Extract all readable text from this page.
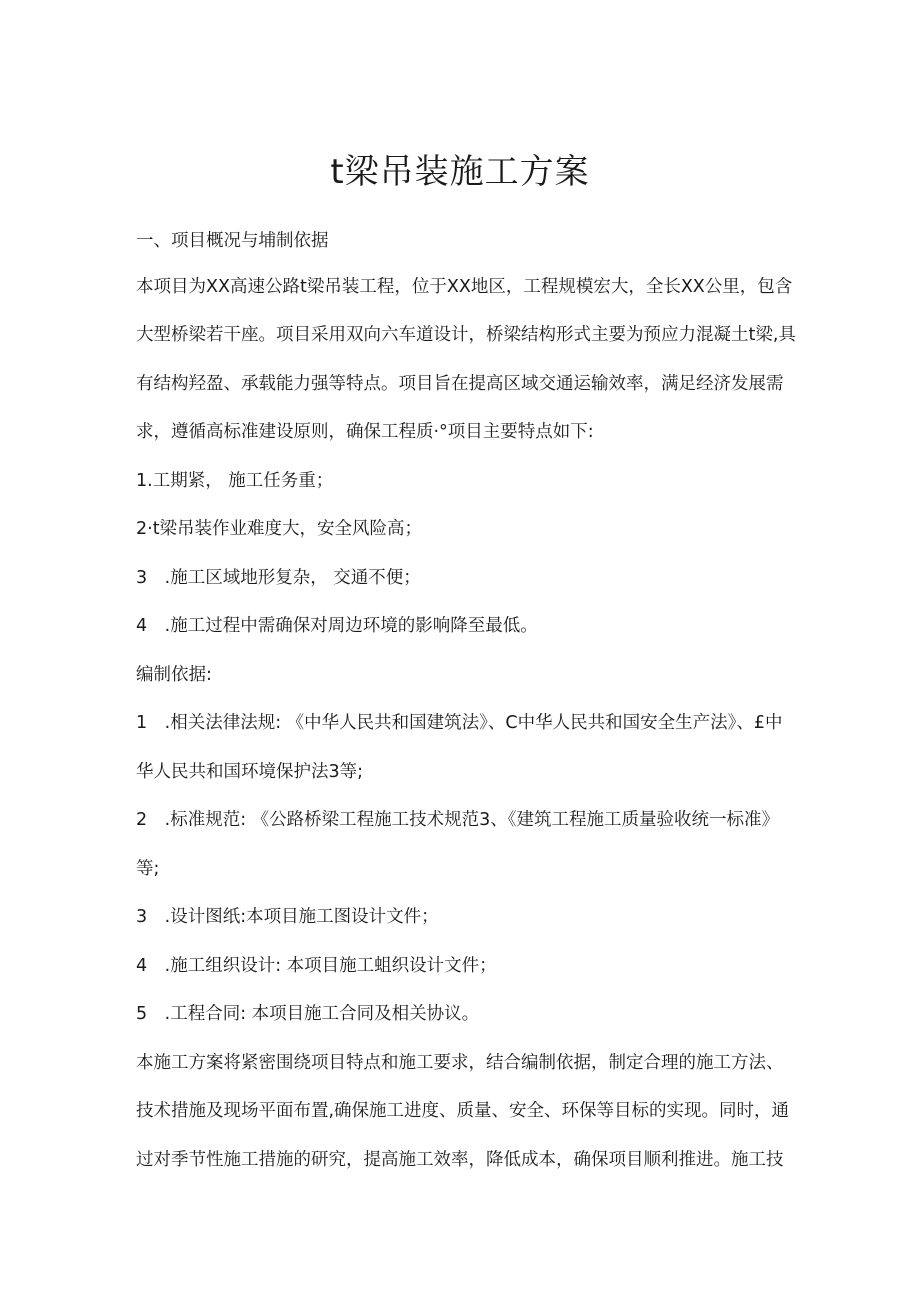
t梁吊装施工方案

一、项目概况与埔制依据

本项目为XX高速公路t梁吊装工程，位于XX地区，工程规模宏大，全长XX公里，包含

大型桥梁若干座。项目采用双向六车道设计，桥梁结构形式主要为预应力混凝土t梁,具

有结构羟盈、承载能力强等特点。项目旨在提高区域交通运输效率，满足经济发展需

求，遵循高标准建设原则，确保工程质·°项目主要特点如下:

1.工期紧， 施工任务重；

2·t梁吊装作业难度大，安全风险高；

3　.施工区域地形复杂， 交通不便；

4　.施工过程中需确保对周边环境的影响降至最低。

编制依据:

1　.相关法律法规: 《中华人民共和国建筑法》、C中华人民共和国安全生产法》、£中

华人民共和国环境保护法3等;

2　.标准规范: 《公路桥梁工程施工技术规范3、《建筑工程施工质量验收统一标准》

等;

3　.设计图纸:本项目施工图设计文件；

4　.施工组织设计: 本项目施工蛆织设计文件；

5　.工程合同: 本项目施工合同及相关协议。

本施工方案将紧密围绕项目特点和施工要求，结合编制依据，制定合理的施工方法、

技术措施及现场平面布置,确保施工进度、质量、安全、环保等目标的实现。同时，通

过对季节性施工措施的研究，提高施工效率，降低成本，确保项目顺利推进。施工技
